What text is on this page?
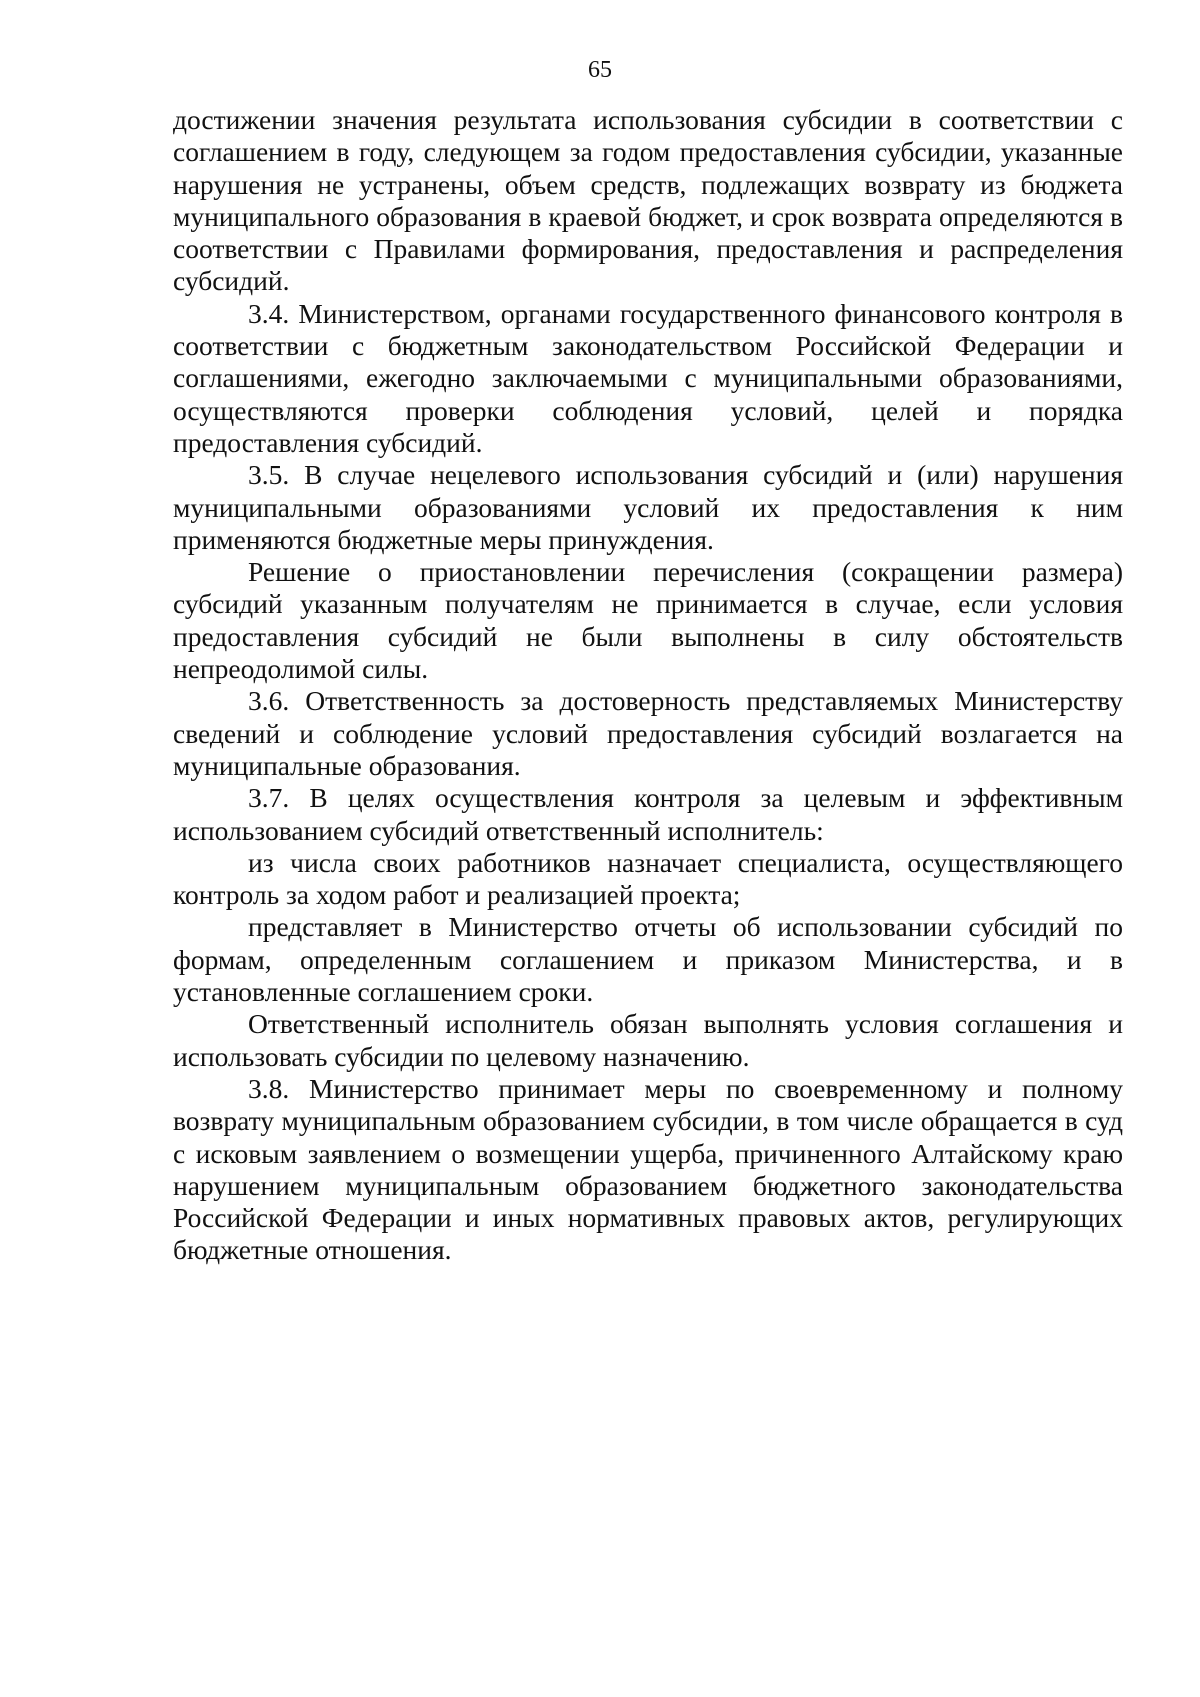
65

достижении значения результата использования субсидии в соответствии с соглашением в году, следующем за годом предоставления субсидии, указанные нарушения не устранены, объем средств, подлежащих возврату из бюджета муниципального образования в краевой бюджет, и срок возврата определяются в соответствии с Правилами формирования, предоставления и распределения субсидий.

3.4. Министерством, органами государственного финансового контроля в соответствии с бюджетным законодательством Российской Федерации и соглашениями, ежегодно заключаемыми с муниципальными образованиями, осуществляются проверки соблюдения условий, целей и порядка предоставления субсидий.

3.5. В случае нецелевого использования субсидий и (или) нарушения муниципальными образованиями условий их предоставления к ним применяются бюджетные меры принуждения.

Решение о приостановлении перечисления (сокращении размера) субсидий указанным получателям не принимается в случае, если условия предоставления субсидий не были выполнены в силу обстоятельств непреодолимой силы.

3.6. Ответственность за достоверность представляемых Министерству сведений и соблюдение условий предоставления субсидий возлагается на муниципальные образования.

3.7. В целях осуществления контроля за целевым и эффективным использованием субсидий ответственный исполнитель:

из числа своих работников назначает специалиста, осуществляющего контроль за ходом работ и реализацией проекта;

представляет в Министерство отчеты об использовании субсидий по формам, определенным соглашением и приказом Министерства, и в установленные соглашением сроки.

Ответственный исполнитель обязан выполнять условия соглашения и использовать субсидии по целевому назначению.

3.8. Министерство принимает меры по своевременному и полному возврату муниципальным образованием субсидии, в том числе обращается в суд с исковым заявлением о возмещении ущерба, причиненного Алтайскому краю нарушением муниципальным образованием бюджетного законодательства Российской Федерации и иных нормативных правовых актов, регулирующих бюджетные отношения.
